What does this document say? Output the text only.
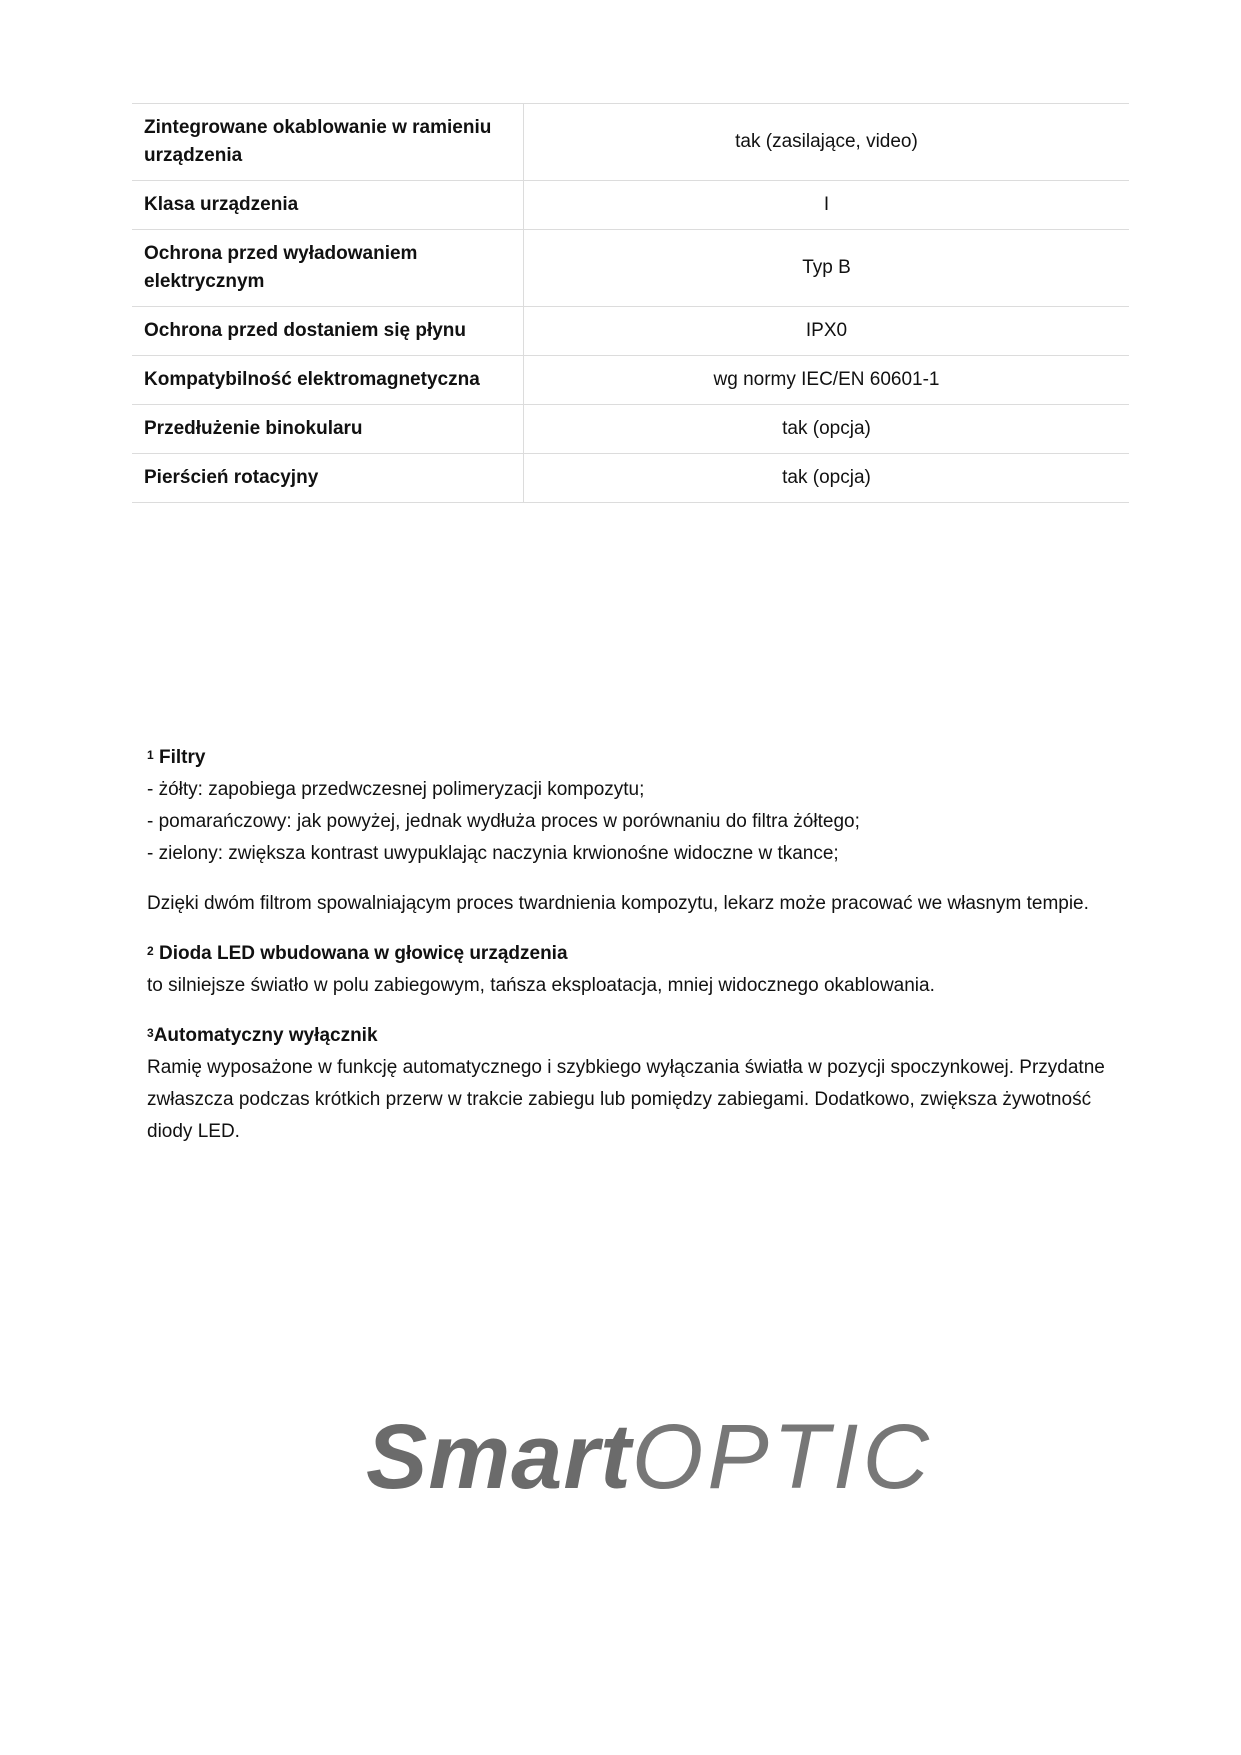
Zintegrowane okablowanie w ramieniu urządzenia	tak (zasilające, video)
Klasa urządzenia	I
Ochrona przed wyładowaniem elektrycznym	Typ B
Ochrona przed dostaniem się płynu	IPX0
Kompatybilność elektromagnetyczna	wg normy IEC/EN 60601-1
Przedłużenie binokularu	tak (opcja)
Pierścień rotacyjny	tak (opcja)

$^1$ Filtry

- żółty: zapobiega przedwczesnej polimeryzacji kompozytu;

- pomarańczowy: jak powyżej, jednak wydłuża proces w porównaniu do filtra żółtego;

- zielony: zwiększa kontrast uwypuklając naczynia krwionośne widoczne w tkance;

Dzięki dwóm filtrom spowalniającym proces twardnienia kompozytu, lekarz może pracować we własnym tempie.

$^2$ Dioda LED wbudowana w głowicę urządzenia

to silniejsze światło w polu zabiegowym, tańsza eksploatacja, mniej widocznego okablowania.

$^3$Automatyczny wyłącznik

Ramię wyposażone w funkcję automatycznego i szybkiego wyłączania światła w pozycji spoczynkowej. Przydatne zwłaszcza podczas krótkich przerw w trakcie zabiegu lub pomiędzy zabiegami. Dodatkowo, zwiększa żywotność diody LED.

SmartOPTIC
